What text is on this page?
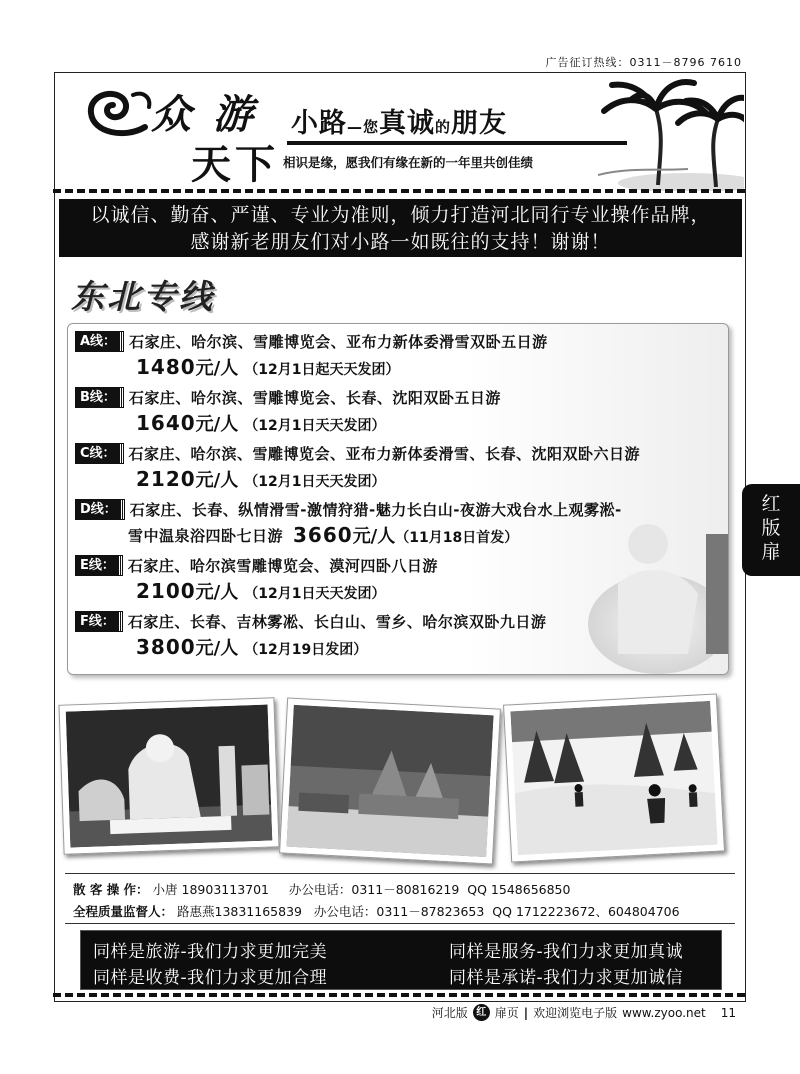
广告征订热线：0311－8796 7610
众 游
天下
小路—您真诚的朋友
相识是缘，愿我们有缘在新的一年里共创佳绩
以诚信、勤奋、严谨、专业为准则，倾力打造河北同行专业操作品牌，
感谢新老朋友们对小路一如既往的支持！谢谢！
东北专线
A线： 石家庄、哈尔滨、雪雕博览会、亚布力新体委滑雪双卧五日游
1480元/人 （12月1日起天天发团）
B线： 石家庄、哈尔滨、雪雕博览会、长春、沈阳双卧五日游
1640元/人 （12月1日天天发团）
C线： 石家庄、哈尔滨、雪雕博览会、亚布力新体委滑雪、长春、沈阳双卧六日游
2120元/人 （12月1日天天发团）
D线： 石家庄、长春、纵情滑雪-激情狩猎-魅力长白山-夜游大戏台水上观雾淞-
雪中温泉浴四卧七日游 3660元/人（11月18日首发）
E线： 石家庄、哈尔滨雪雕博览会、漠河四卧八日游
2100元/人 （12月1日天天发团）
F线： 石家庄、长春、吉林雾凇、长白山、雪乡、哈尔滨双卧九日游
3800元/人 （12月19日发团）
散 客 操 作： 小唐 18903113701 办公电话：0311－80816219 QQ 1548656850
全程质量监督人： 路惠燕13831165839 办公电话：0311－87823653 QQ 1712223672、604804706
同样是旅游-我们力求更加完美	同样是服务-我们力求更加真诚
同样是收费-我们力求更加合理	同样是承诺-我们力求更加诚信
红
版
扉
河北版 红 扉页 | 欢迎浏览电子版 www.zyoo.net 11
